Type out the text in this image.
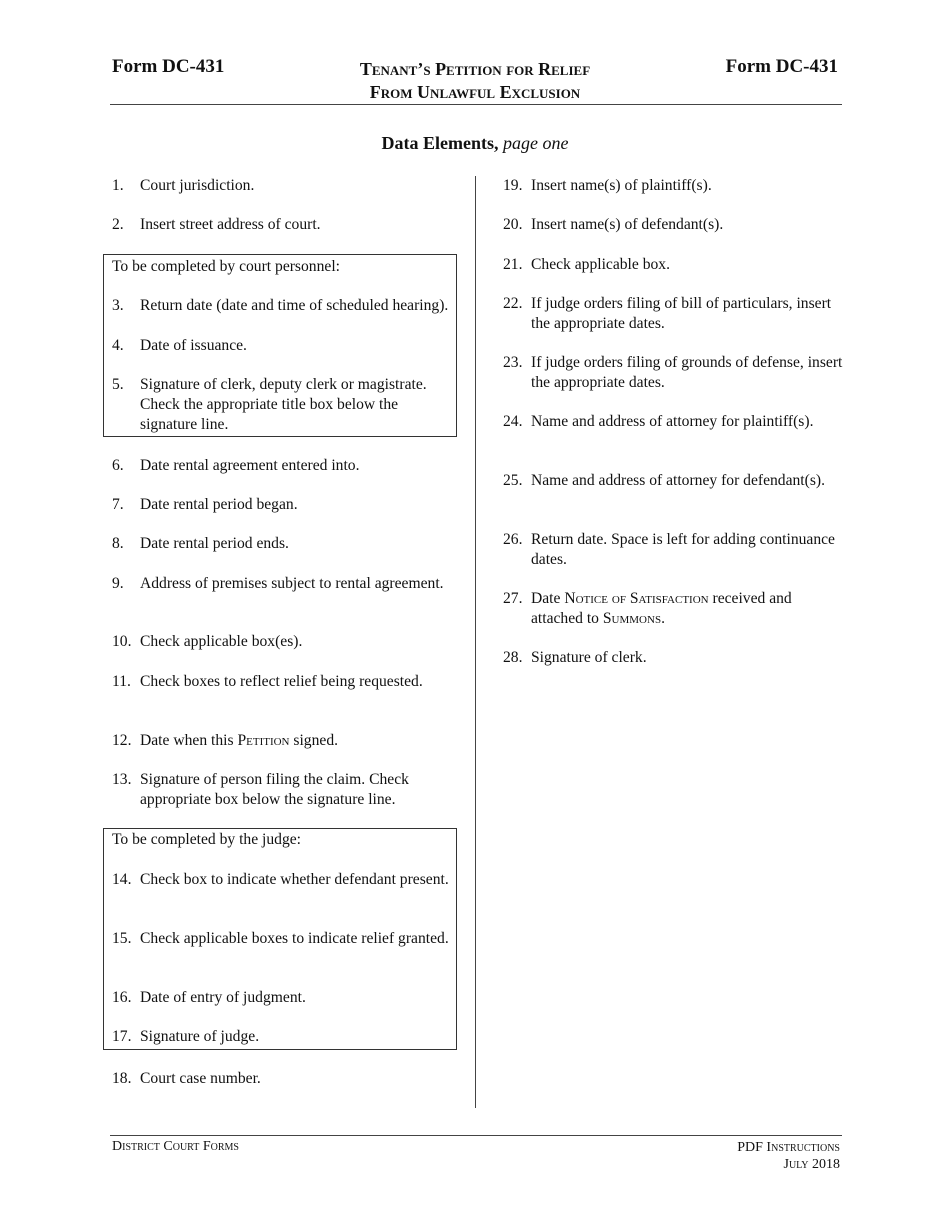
Form DC-431	Tenant’s Petition for Relief
From Unlawful Exclusion
Form DC-431
Data Elements, page one
To be completed by court personnel:
To be completed by the judge:
1. Court jurisdiction.
2. Insert street address of court.
3. Return date (date and time of scheduled hearing).
4. Date of issuance.
5. Signature of clerk, deputy clerk or magistrate. Check the appropriate title box below the signature line.
6. Date rental agreement entered into.
7. Date rental period began.
8. Date rental period ends.
9. Address of premises subject to rental agreement.
10. Check applicable box(es).
11. Check boxes to reflect relief being requested.
12. Date when this Petition signed.
13. Signature of person filing the claim. Check appropriate box below the signature line.
14. Check box to indicate whether defendant present.
15. Check applicable boxes to indicate relief granted.
16. Date of entry of judgment.
17. Signature of judge.
18. Court case number.
19. Insert name(s) of plaintiff(s).
20. Insert name(s) of defendant(s).
21. Check applicable box.
22. If judge orders filing of bill of particulars, insert the appropriate dates.
23. If judge orders filing of grounds of defense, insert the appropriate dates.
24. Name and address of attorney for plaintiff(s).
25. Name and address of attorney for defendant(s).
26. Return date. Space is left for adding continuance dates.
27. Date Notice of Satisfaction received and attached to Summons.
28. Signature of clerk.
District Court Forms	PDF Instructions
July 2018
